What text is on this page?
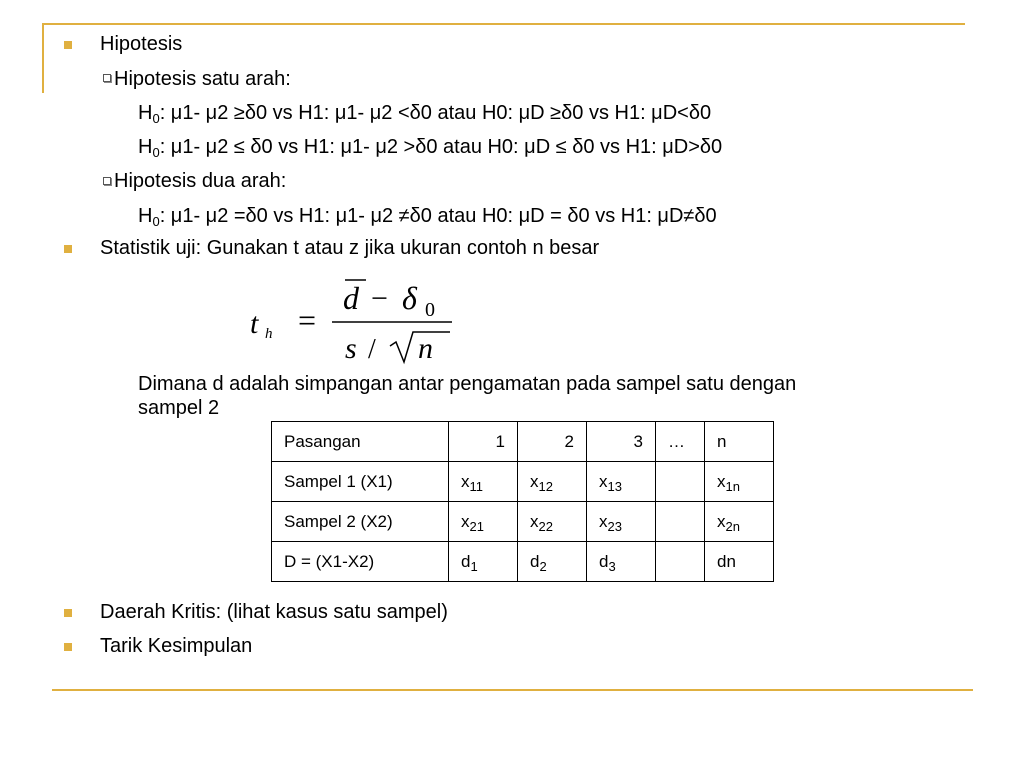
Hipotesis
Hipotesis satu arah:
$H_0$: μ1- μ2 ≥δ0 vs H1: μ1- μ2 <δ0 atau H0: μD ≥δ0 vs H1: μD<δ0
$H_0$: μ1- μ2 ≤ δ0 vs H1: μ1- μ2 >δ0 atau H0: μD ≤ δ0 vs H1: μD>δ0
Hipotesis dua arah:
$H_0$: μ1- μ2 =δ0 vs H1: μ1- μ2 ≠δ0 atau H0: μD = δ0 vs H1: μD≠δ0
Statistik uji: Gunakan t atau z jika ukuran contoh n besar
t h =
d − δ 0
s / n
Dimana d adalah simpangan antar pengamatan pada sampel satu dengan
sampel 2
Pasangan	1	2	3	…	n
Sampel 1 (X1)	$x_{11}$	$x_{12}$	$x_{13}$		$x_{1n}$
Sampel 2 (X2)	$x_{21}$	$x_{22}$	$x_{23}$		$x_{2n}$
D = (X1-X2)	$d_1$	$d_2$	$d_3$		dn
Daerah Kritis: (lihat kasus satu sampel)
Tarik Kesimpulan
